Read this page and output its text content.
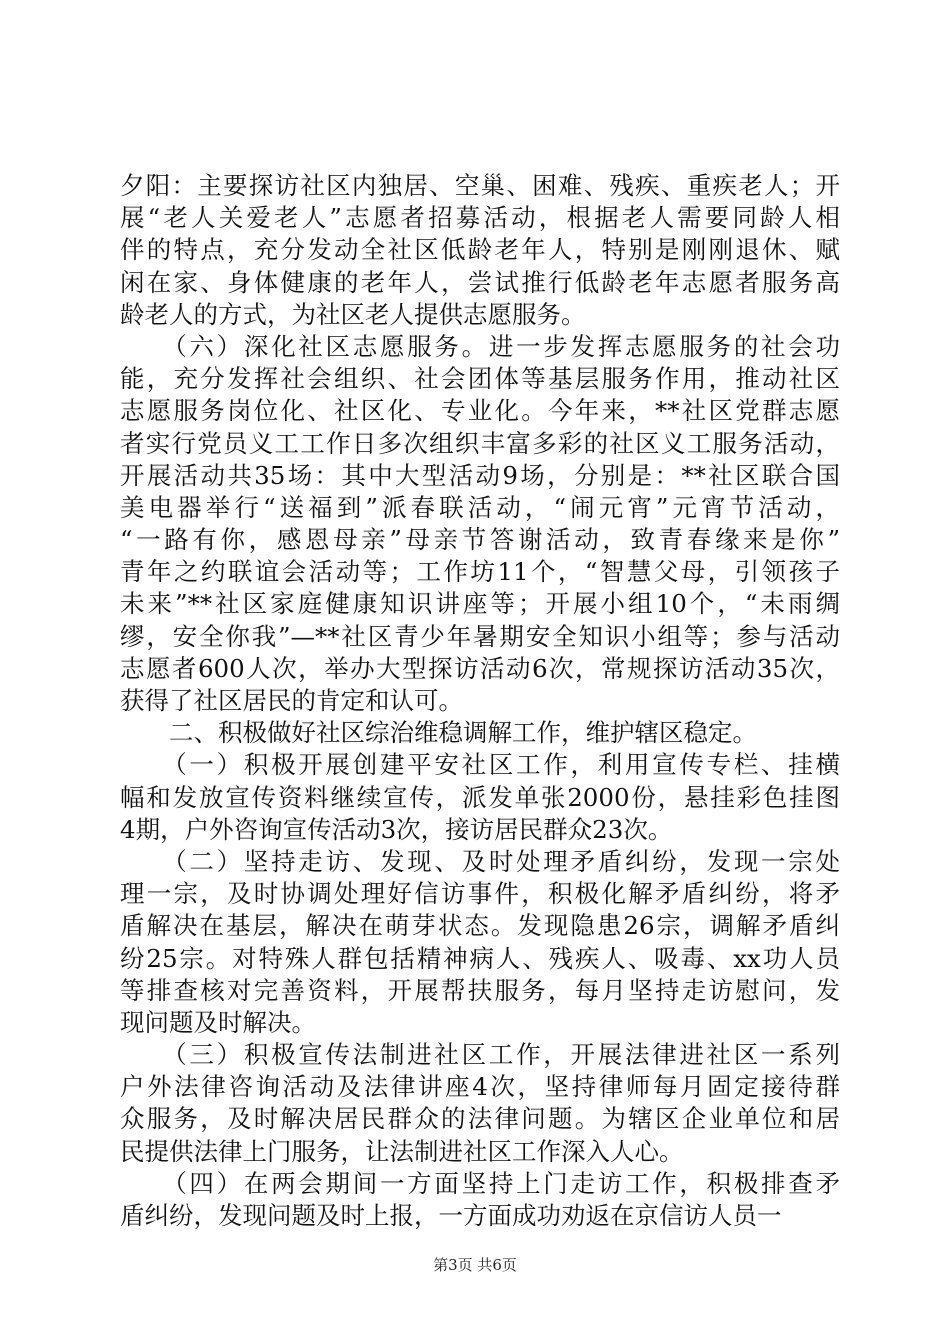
夕阳：主要探访社区内独居、空巢、困难、残疾、重疾老人；开
展“老人关爱老人”志愿者招募活动，根据老人需要同龄人相
伴的特点，充分发动全社区低龄老年人，特别是刚刚退休、赋
闲在家、身体健康的老年人，尝试推行低龄老年志愿者服务高
龄老人的方式，为社区老人提供志愿服务。
　　（六）深化社区志愿服务。进一步发挥志愿服务的社会功
能，充分发挥社会组织、社会团体等基层服务作用，推动社区
志愿服务岗位化、社区化、专业化。今年来，**社区党群志愿
者实行党员义工工作日多次组织丰富多彩的社区义工服务活动，
开展活动共35场：其中大型活动9场，分别是：**社区联合国
美电器举行“送福到”派春联活动，“闹元宵”元宵节活动，
“一路有你，感恩母亲”母亲节答谢活动，致青春缘来是你”
青年之约联谊会活动等；工作坊11个，“智慧父母，引领孩子
未来”**社区家庭健康知识讲座等；开展小组10个，“未雨绸
缪，安全你我”—**社区青少年暑期安全知识小组等；参与活动
志愿者600人次，举办大型探访活动6次，常规探访活动35次，
获得了社区居民的肯定和认可。
　　二、积极做好社区综治维稳调解工作，维护辖区稳定。
　　（一）积极开展创建平安社区工作，利用宣传专栏、挂横
幅和发放宣传资料继续宣传，派发单张2000份，悬挂彩色挂图
4期，户外咨询宣传活动3次，接访居民群众23次。
　　（二）坚持走访、发现、及时处理矛盾纠纷，发现一宗处
理一宗，及时协调处理好信访事件，积极化解矛盾纠纷，将矛
盾解决在基层，解决在萌芽状态。发现隐患26宗，调解矛盾纠
纷25宗。对特殊人群包括精神病人、残疾人、吸毒、xx功人员
等排查核对完善资料，开展帮扶服务，每月坚持走访慰问，发
现问题及时解决。
　　（三）积极宣传法制进社区工作，开展法律进社区一系列
户外法律咨询活动及法律讲座4次，坚持律师每月固定接待群
众服务，及时解决居民群众的法律问题。为辖区企业单位和居
民提供法律上门服务，让法制进社区工作深入人心。
　　（四）在两会期间一方面坚持上门走访工作，积极排查矛
盾纠纷，发现问题及时上报，一方面成功劝返在京信访人员一
第3页 共6页
